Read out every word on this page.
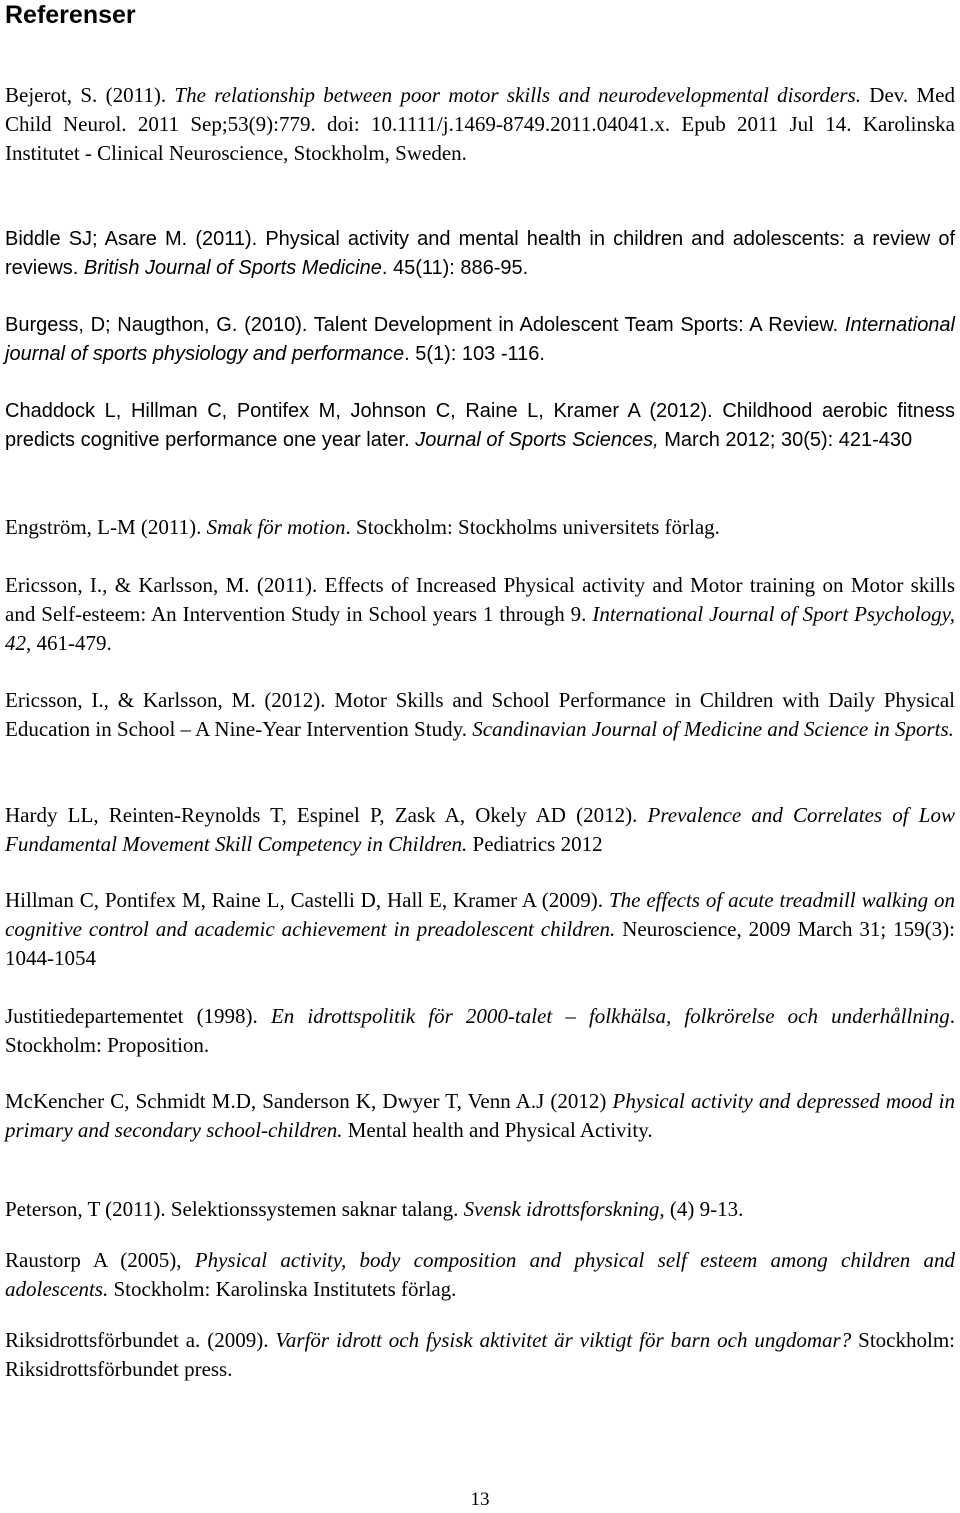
Referenser

Bejerot, S. (2011). The relationship between poor motor skills and neurodevelopmental disorders. Dev. Med Child Neurol. 2011 Sep;53(9):779. doi: 10.1111/j.1469-8749.2011.04041.x. Epub 2011 Jul 14. Karolinska Institutet - Clinical Neuroscience, Stockholm, Sweden.

Biddle SJ; Asare M. (2011). Physical activity and mental health in children and adolescents: a review of reviews. British Journal of Sports Medicine. 45(11): 886-95.

Burgess, D; Naugthon, G. (2010). Talent Development in Adolescent Team Sports: A Review. International journal of sports physiology and performance. 5(1): 103 -116.

Chaddock L, Hillman C, Pontifex M, Johnson C, Raine L, Kramer A (2012). Childhood aerobic fitness predicts cognitive performance one year later. Journal of Sports Sciences, March 2012; 30(5): 421-430

Engström, L-M (2011). Smak för motion. Stockholm: Stockholms universitets förlag.

Ericsson, I., & Karlsson, M. (2011). Effects of Increased Physical activity and Motor training on Motor skills and Self-esteem: An Intervention Study in School years 1 through 9. International Journal of Sport Psychology, 42, 461-479.

Ericsson, I., & Karlsson, M. (2012). Motor Skills and School Performance in Children with Daily Physical Education in School – A Nine-Year Intervention Study. Scandinavian Journal of Medicine and Science in Sports.

Hardy LL, Reinten-Reynolds T, Espinel P, Zask A, Okely AD (2012). Prevalence and Correlates of Low Fundamental Movement Skill Competency in Children. Pediatrics 2012

Hillman C, Pontifex M, Raine L, Castelli D, Hall E, Kramer A (2009). The effects of acute treadmill walking on cognitive control and academic achievement in preadolescent children. Neuroscience, 2009 March 31; 159(3): 1044-1054

Justitiedepartementet (1998). En idrottspolitik för 2000-talet – folkhälsa, folkrörelse och underhållning. Stockholm: Proposition.

McKencher C, Schmidt M.D, Sanderson K, Dwyer T, Venn A.J (2012) Physical activity and depressed mood in primary and secondary school-children. Mental health and Physical Activity.

Peterson, T (2011). Selektionssystemen saknar talang. Svensk idrottsforskning, (4) 9-13.

Raustorp A (2005), Physical activity, body composition and physical self esteem among children and adolescents. Stockholm: Karolinska Institutets förlag.

Riksidrottsförbundet a. (2009). Varför idrott och fysisk aktivitet är viktigt för barn och ungdomar? Stockholm: Riksidrottsförbundet press.

13
